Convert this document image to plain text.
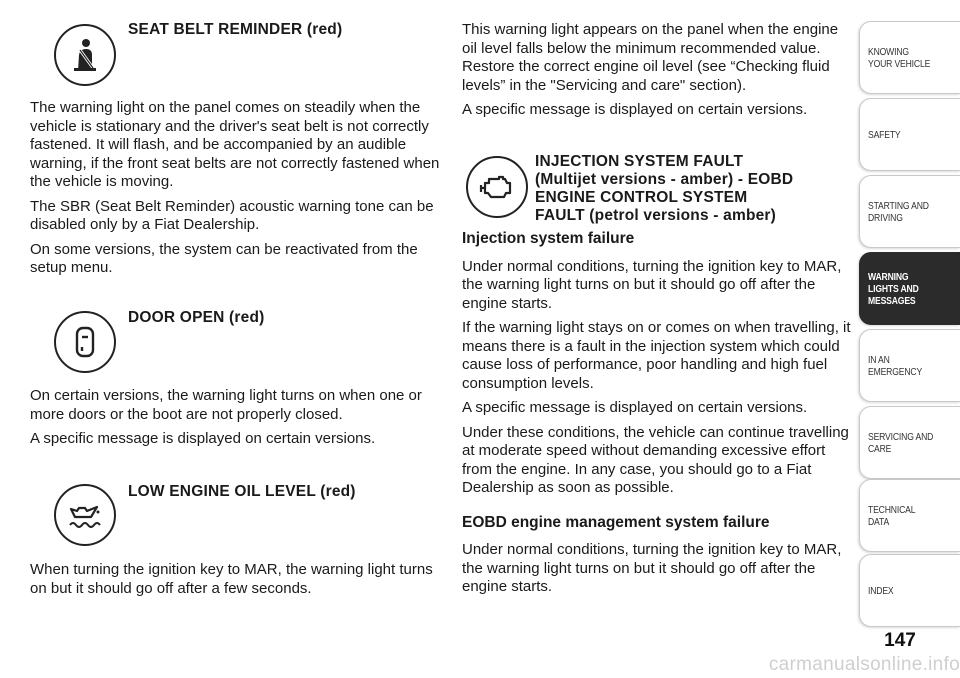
SEAT BELT REMINDER (red)

The warning light on the panel comes on steadily when the vehicle is stationary and the driver's seat belt is not correctly fastened. It will flash, and be accompanied by an audible warning, if the front seat belts are not correctly fastened when the vehicle is moving.

The SBR (Seat Belt Reminder) acoustic warning tone can be disabled only by a Fiat Dealership.

On some versions, the system can be reactivated from the setup menu.

DOOR OPEN (red)

On certain versions, the warning light turns on when one or more doors or the boot are not properly closed.

A specific message is displayed on certain versions.

LOW ENGINE OIL LEVEL (red)

When turning the ignition key to MAR, the warning light turns on but it should go off after a few seconds.

This warning light appears on the panel when the engine oil level falls below the minimum recommended value. Restore the correct engine oil level (see “Checking fluid levels” in the "Servicing and care" section).

A specific message is displayed on certain versions.

INJECTION SYSTEM FAULT
(Multijet versions - amber) - EOBD
ENGINE CONTROL SYSTEM
FAULT (petrol versions - amber)

Injection system failure

Under normal conditions, turning the ignition key to MAR, the warning light turns on but it should go off after the engine starts.

If the warning light stays on or comes on when travelling, it means there is a fault in the injection system which could cause loss of performance, poor handling and high fuel consumption levels.

A specific message is displayed on certain versions.

Under these conditions, the vehicle can continue travelling at moderate speed without demanding excessive effort from the engine. In any case, you should go to a Fiat Dealership as soon as possible.

EOBD engine management system failure

Under normal conditions, turning the ignition key to MAR, the warning light turns on but it should go off after the engine starts.

KNOWING YOUR VEHICLE
SAFETY
STARTING AND DRIVING
WARNING LIGHTS AND MESSAGES
IN AN EMERGENCY
SERVICING AND CARE
TECHNICAL DATA
INDEX
147
carmanualsonline.info
